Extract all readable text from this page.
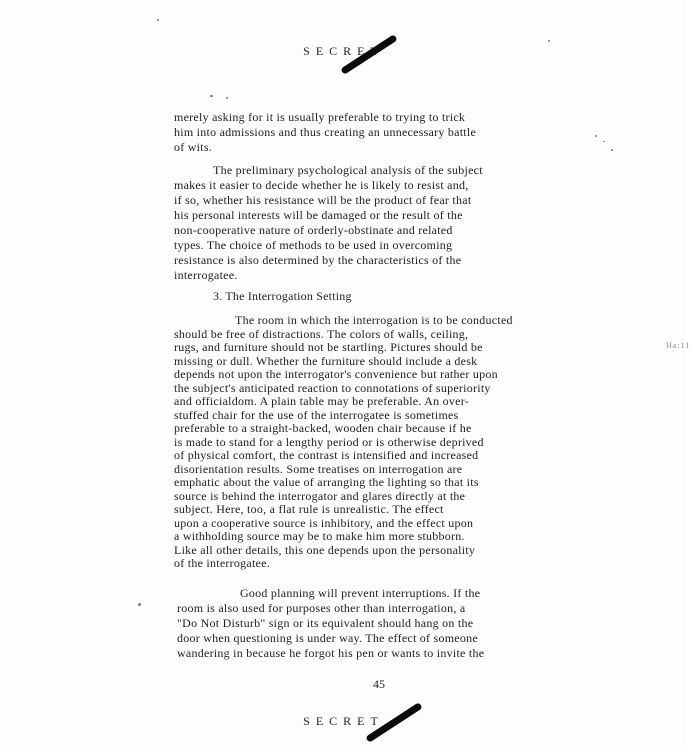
SECRET
Ha:11
merely asking for it is usually preferable to trying to trick
him into admissions and thus creating an unnecessary battle
of wits.
The preliminary psychological analysis of the subject
makes it easier to decide whether he is likely to resist and,
if so, whether his resistance will be the product of fear that
his personal interests will be damaged or the result of the
non-cooperative nature of orderly-obstinate and related
types. The choice of methods to be used in overcoming
resistance is also determined by the characteristics of the
interrogatee.
3. The Interrogation Setting
The room in which the interrogation is to be conducted
should be free of distractions. The colors of walls, ceiling,
rugs, and furniture should not be startling. Pictures should be
missing or dull. Whether the furniture should include a desk
depends not upon the interrogator's convenience but rather upon
the subject's anticipated reaction to connotations of superiority
and officialdom. A plain table may be preferable. An over-
stuffed chair for the use of the interrogatee is sometimes
preferable to a straight-backed, wooden chair because if he
is made to stand for a lengthy period or is otherwise deprived
of physical comfort, the contrast is intensified and increased
disorientation results. Some treatises on interrogation are
emphatic about the value of arranging the lighting so that its
source is behind the interrogator and glares directly at the
subject. Here, too, a flat rule is unrealistic. The effect
upon a cooperative source is inhibitory, and the effect upon
a withholding source may be to make him more stubborn.
Like all other details, this one depends upon the personality
of the interrogatee.
Good planning will prevent interruptions. If the
room is also used for purposes other than interrogation, a
"Do Not Disturb" sign or its equivalent should hang on the
door when questioning is under way. The effect of someone
wandering in because he forgot his pen or wants to invite the
45
SECRET
